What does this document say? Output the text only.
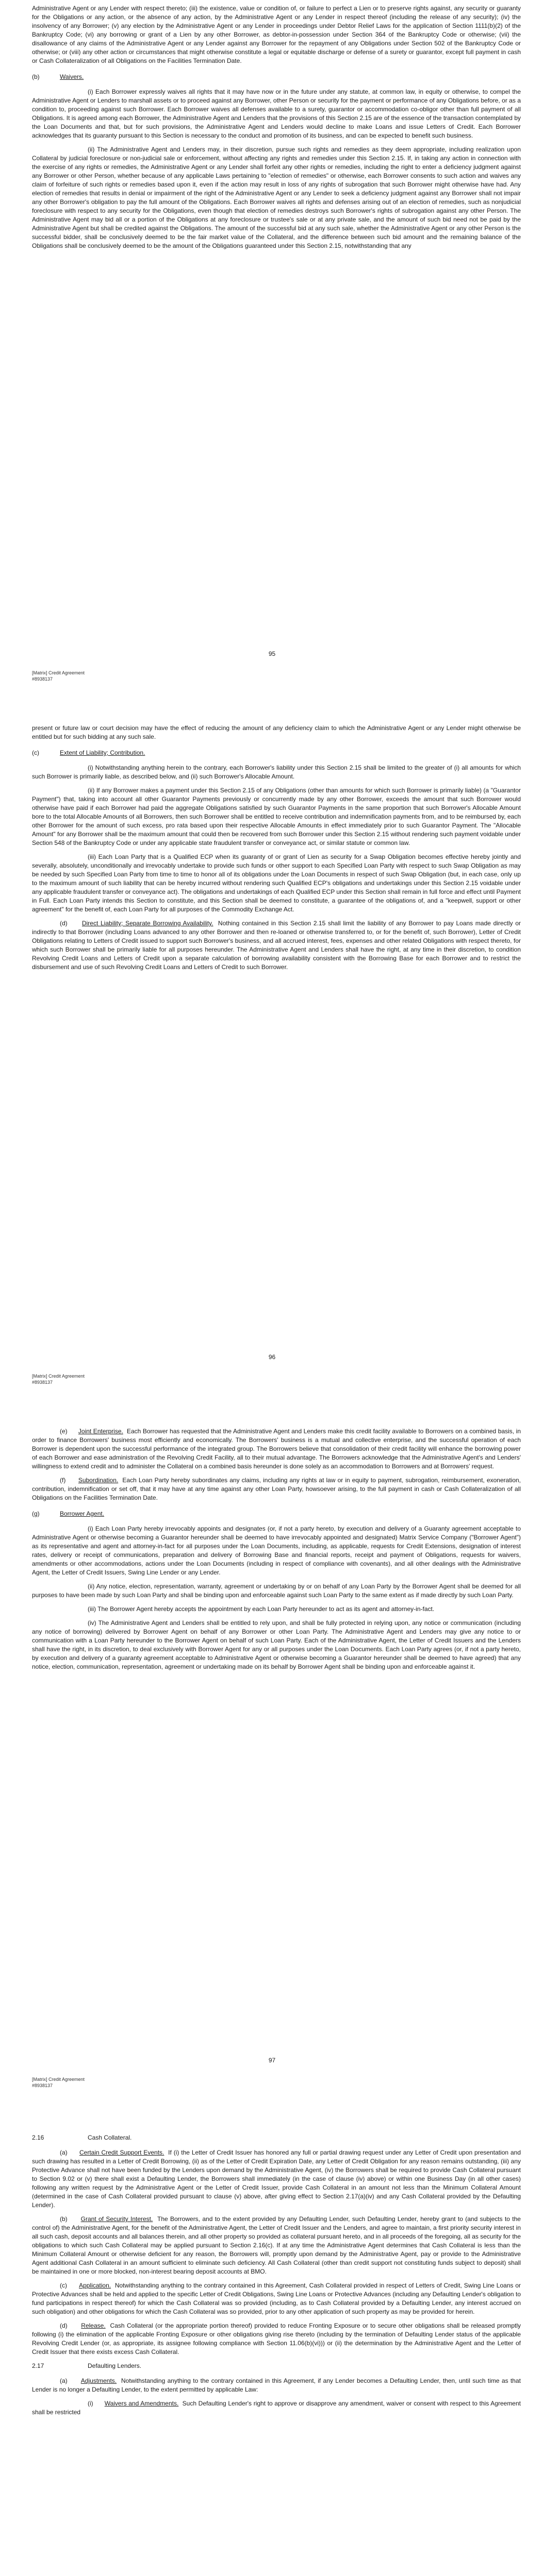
Administrative Agent or any Lender with respect thereto; (iii) the existence, value or condition of, or failure to perfect a Lien or to preserve rights against, any security or guaranty for the Obligations or any action, or the absence of any action, by the Administrative Agent or any Lender in respect thereof (including the release of any security); (iv) the insolvency of any Borrower; (v) any election by the Administrative Agent or any Lender in proceedings under Debtor Relief Laws for the application of Section 1111(b)(2) of the Bankruptcy Code; (vi) any borrowing or grant of a Lien by any other Borrower, as debtor-in-possession under Section 364 of the Bankruptcy Code or otherwise; (vii) the disallowance of any claims of the Administrative Agent or any Lender against any Borrower for the repayment of any Obligations under Section 502 of the Bankruptcy Code or otherwise; or (viii) any other action or circumstances that might otherwise constitute a legal or equitable discharge or defense of a surety or guarantor, except full payment in cash or Cash Collateralization of all Obligations on the Facilities Termination Date.

(b)	Waivers.

(i) Each Borrower expressly waives all rights that it may have now or in the future under any statute, at common law, in equity or otherwise, to compel the Administrative Agent or Lenders to marshall assets or to proceed against any Borrower, other Person or security for the payment or performance of any Obligations before, or as a condition to, proceeding against such Borrower. Each Borrower waives all defenses available to a surety, guarantor or accommodation co-obligor other than full payment of all Obligations. It is agreed among each Borrower, the Administrative Agent and Lenders that the provisions of this Section 2.15 are of the essence of the transaction contemplated by the Loan Documents and that, but for such provisions, the Administrative Agent and Lenders would decline to make Loans and issue Letters of Credit. Each Borrower acknowledges that its guaranty pursuant to this Section is necessary to the conduct and promotion of its business, and can be expected to benefit such business.

(ii) The Administrative Agent and Lenders may, in their discretion, pursue such rights and remedies as they deem appropriate, including realization upon Collateral by judicial foreclosure or non-judicial sale or enforcement, without affecting any rights and remedies under this Section 2.15. If, in taking any action in connection with the exercise of any rights or remedies, the Administrative Agent or any Lender shall forfeit any other rights or remedies, including the right to enter a deficiency judgment against any Borrower or other Person, whether because of any applicable Laws pertaining to "election of remedies" or otherwise, each Borrower consents to such action and waives any claim of forfeiture of such rights or remedies based upon it, even if the action may result in loss of any rights of subrogation that such Borrower might otherwise have had. Any election of remedies that results in denial or impairment of the right of the Administrative Agent or any Lender to seek a deficiency judgment against any Borrower shall not impair any other Borrower's obligation to pay the full amount of the Obligations. Each Borrower waives all rights and defenses arising out of an election of remedies, such as nonjudicial foreclosure with respect to any security for the Obligations, even though that election of remedies destroys such Borrower's rights of subrogation against any other Person. The Administrative Agent may bid all or a portion of the Obligations at any foreclosure or trustee's sale or at any private sale, and the amount of such bid need not be paid by the Administrative Agent but shall be credited against the Obligations. The amount of the successful bid at any such sale, whether the Administrative Agent or any other Person is the successful bidder, shall be conclusively deemed to be the fair market value of the Collateral, and the difference between such bid amount and the remaining balance of the Obligations shall be conclusively deemed to be the amount of the Obligations guaranteed under this Section 2.15, notwithstanding that any

95
[Matrix] Credit Agreement
#8938137

present or future law or court decision may have the effect of reducing the amount of any deficiency claim to which the Administrative Agent or any Lender might otherwise be entitled but for such bidding at any such sale.

(c)	Extent of Liability; Contribution.

(i) Notwithstanding anything herein to the contrary, each Borrower's liability under this Section 2.15 shall be limited to the greater of (i) all amounts for which such Borrower is primarily liable, as described below, and (ii) such Borrower's Allocable Amount.

(ii) If any Borrower makes a payment under this Section 2.15 of any Obligations (other than amounts for which such Borrower is primarily liable) (a "Guarantor Payment") that, taking into account all other Guarantor Payments previously or concurrently made by any other Borrower, exceeds the amount that such Borrower would otherwise have paid if each Borrower had paid the aggregate Obligations satisfied by such Guarantor Payments in the same proportion that such Borrower's Allocable Amount bore to the total Allocable Amounts of all Borrowers, then such Borrower shall be entitled to receive contribution and indemnification payments from, and to be reimbursed by, each other Borrower for the amount of such excess, pro rata based upon their respective Allocable Amounts in effect immediately prior to such Guarantor Payment. The "Allocable Amount" for any Borrower shall be the maximum amount that could then be recovered from such Borrower under this Section 2.15 without rendering such payment voidable under Section 548 of the Bankruptcy Code or under any applicable state fraudulent transfer or conveyance act, or similar statute or common law.

(iii) Each Loan Party that is a Qualified ECP when its guaranty of or grant of Lien as security for a Swap Obligation becomes effective hereby jointly and severally, absolutely, unconditionally and irrevocably undertake to provide such funds or other support to each Specified Loan Party with respect to such Swap Obligation as may be needed by such Specified Loan Party from time to time to honor all of its obligations under the Loan Documents in respect of such Swap Obligation (but, in each case, only up to the maximum amount of such liability that can be hereby incurred without rendering such Qualified ECP's obligations and undertakings under this Section 2.15 voidable under any applicable fraudulent transfer or conveyance act). The obligations and undertakings of each Qualified ECP under this Section shall remain in full force and effect until Payment in Full. Each Loan Party intends this Section to constitute, and this Section shall be deemed to constitute, a guarantee of the obligations of, and a "keepwell, support or other agreement" for the benefit of, each Loan Party for all purposes of the Commodity Exchange Act.

(d) Direct Liability; Separate Borrowing Availability. Nothing contained in this Section 2.15 shall limit the liability of any Borrower to pay Loans made directly or indirectly to that Borrower (including Loans advanced to any other Borrower and then re-loaned or otherwise transferred to, or for the benefit of, such Borrower), Letter of Credit Obligations relating to Letters of Credit issued to support such Borrower's business, and all accrued interest, fees, expenses and other related Obligations with respect thereto, for which such Borrower shall be primarily liable for all purposes hereunder. The Administrative Agent and Lenders shall have the right, at any time in their discretion, to condition Revolving Credit Loans and Letters of Credit upon a separate calculation of borrowing availability consistent with the Borrowing Base for each Borrower and to restrict the disbursement and use of such Revolving Credit Loans and Letters of Credit to such Borrower.

96
[Matrix] Credit Agreement
#8938137

(e) Joint Enterprise. Each Borrower has requested that the Administrative Agent and Lenders make this credit facility available to Borrowers on a combined basis, in order to finance Borrowers' business most efficiently and economically. The Borrowers' business is a mutual and collective enterprise, and the successful operation of each Borrower is dependent upon the successful performance of the integrated group. The Borrowers believe that consolidation of their credit facility will enhance the borrowing power of each Borrower and ease administration of the Revolving Credit Facility, all to their mutual advantage. The Borrowers acknowledge that the Administrative Agent's and Lenders' willingness to extend credit and to administer the Collateral on a combined basis hereunder is done solely as an accommodation to Borrowers and at Borrowers' request.

(f) Subordination. Each Loan Party hereby subordinates any claims, including any rights at law or in equity to payment, subrogation, reimbursement, exoneration, contribution, indemnification or set off, that it may have at any time against any other Loan Party, howsoever arising, to the full payment in cash or Cash Collateralization of all Obligations on the Facilities Termination Date.

(g)	Borrower Agent.

(i) Each Loan Party hereby irrevocably appoints and designates (or, if not a party hereto, by execution and delivery of a Guaranty agreement acceptable to Administrative Agent or otherwise becoming a Guarantor hereunder shall be deemed to have irrevocably appointed and designated) Matrix Service Company ("Borrower Agent") as its representative and agent and attorney-in-fact for all purposes under the Loan Documents, including, as applicable, requests for Credit Extensions, designation of interest rates, delivery or receipt of communications, preparation and delivery of Borrowing Base and financial reports, receipt and payment of Obligations, requests for waivers, amendments or other accommodations, actions under the Loan Documents (including in respect of compliance with covenants), and all other dealings with the Administrative Agent, the Letter of Credit Issuers, Swing Line Lender or any Lender.

(ii) Any notice, election, representation, warranty, agreement or undertaking by or on behalf of any Loan Party by the Borrower Agent shall be deemed for all purposes to have been made by such Loan Party and shall be binding upon and enforceable against such Loan Party to the same extent as if made directly by such Loan Party.

(iii) The Borrower Agent hereby accepts the appointment by each Loan Party hereunder to act as its agent and attorney-in-fact.

(iv) The Administrative Agent and Lenders shall be entitled to rely upon, and shall be fully protected in relying upon, any notice or communication (including any notice of borrowing) delivered by Borrower Agent on behalf of any Borrower or other Loan Party. The Administrative Agent and Lenders may give any notice to or communication with a Loan Party hereunder to the Borrower Agent on behalf of such Loan Party. Each of the Administrative Agent, the Letter of Credit Issuers and the Lenders shall have the right, in its discretion, to deal exclusively with Borrower Agent for any or all purposes under the Loan Documents. Each Loan Party agrees (or, if not a party hereto, by execution and delivery of a guaranty agreement acceptable to Administrative Agent or otherwise becoming a Guarantor hereunder shall be deemed to have agreed) that any notice, election, communication, representation, agreement or undertaking made on its behalf by Borrower Agent shall be binding upon and enforceable against it.

97
[Matrix] Credit Agreement
#8938137

2.16	Cash Collateral.

(a) Certain Credit Support Events. If (i) the Letter of Credit Issuer has honored any full or partial drawing request under any Letter of Credit upon presentation and such drawing has resulted in a Letter of Credit Borrowing, (ii) as of the Letter of Credit Expiration Date, any Letter of Credit Obligation for any reason remains outstanding, (iii) any Protective Advance shall not have been funded by the Lenders upon demand by the Administrative Agent, (iv) the Borrowers shall be required to provide Cash Collateral pursuant to Section 9.02 or (v) there shall exist a Defaulting Lender, the Borrowers shall immediately (in the case of clause (iv) above) or within one Business Day (in all other cases) following any written request by the Administrative Agent or the Letter of Credit Issuer, provide Cash Collateral in an amount not less than the Minimum Collateral Amount (determined in the case of Cash Collateral provided pursuant to clause (v) above, after giving effect to Section 2.17(a)(iv) and any Cash Collateral provided by the Defaulting Lender).

(b) Grant of Security Interest. The Borrowers, and to the extent provided by any Defaulting Lender, such Defaulting Lender, hereby grant to (and subjects to the control of) the Administrative Agent, for the benefit of the Administrative Agent, the Letter of Credit Issuer and the Lenders, and agree to maintain, a first priority security interest in all such cash, deposit accounts and all balances therein, and all other property so provided as collateral pursuant hereto, and in all proceeds of the foregoing, all as security for the obligations to which such Cash Collateral may be applied pursuant to Section 2.16(c). If at any time the Administrative Agent determines that Cash Collateral is less than the Minimum Collateral Amount or otherwise deficient for any reason, the Borrowers will, promptly upon demand by the Administrative Agent, pay or provide to the Administrative Agent additional Cash Collateral in an amount sufficient to eliminate such deficiency. All Cash Collateral (other than credit support not constituting funds subject to deposit) shall be maintained in one or more blocked, non-interest bearing deposit accounts at BMO.

(c) Application. Notwithstanding anything to the contrary contained in this Agreement, Cash Collateral provided in respect of Letters of Credit, Swing Line Loans or Protective Advances shall be held and applied to the specific Letter of Credit Obligations, Swing Line Loans or Protective Advances (including any Defaulting Lender's obligation to fund participations in respect thereof) for which the Cash Collateral was so provided (including, as to Cash Collateral provided by a Defaulting Lender, any interest accrued on such obligation) and other obligations for which the Cash Collateral was so provided, prior to any other application of such property as may be provided for herein.

(d) Release. Cash Collateral (or the appropriate portion thereof) provided to reduce Fronting Exposure or to secure other obligations shall be released promptly following (i) the elimination of the applicable Fronting Exposure or other obligations giving rise thereto (including by the termination of Defaulting Lender status of the applicable Revolving Credit Lender (or, as appropriate, its assignee following compliance with Section 11.06(b)(vi))) or (ii) the determination by the Administrative Agent and the Letter of Credit Issuer that there exists excess Cash Collateral.

2.17	Defaulting Lenders.

(a) Adjustments. Notwithstanding anything to the contrary contained in this Agreement, if any Lender becomes a Defaulting Lender, then, until such time as that Lender is no longer a Defaulting Lender, to the extent permitted by applicable Law:

(i) Waivers and Amendments. Such Defaulting Lender's right to approve or disapprove any amendment, waiver or consent with respect to this Agreement shall be restricted
